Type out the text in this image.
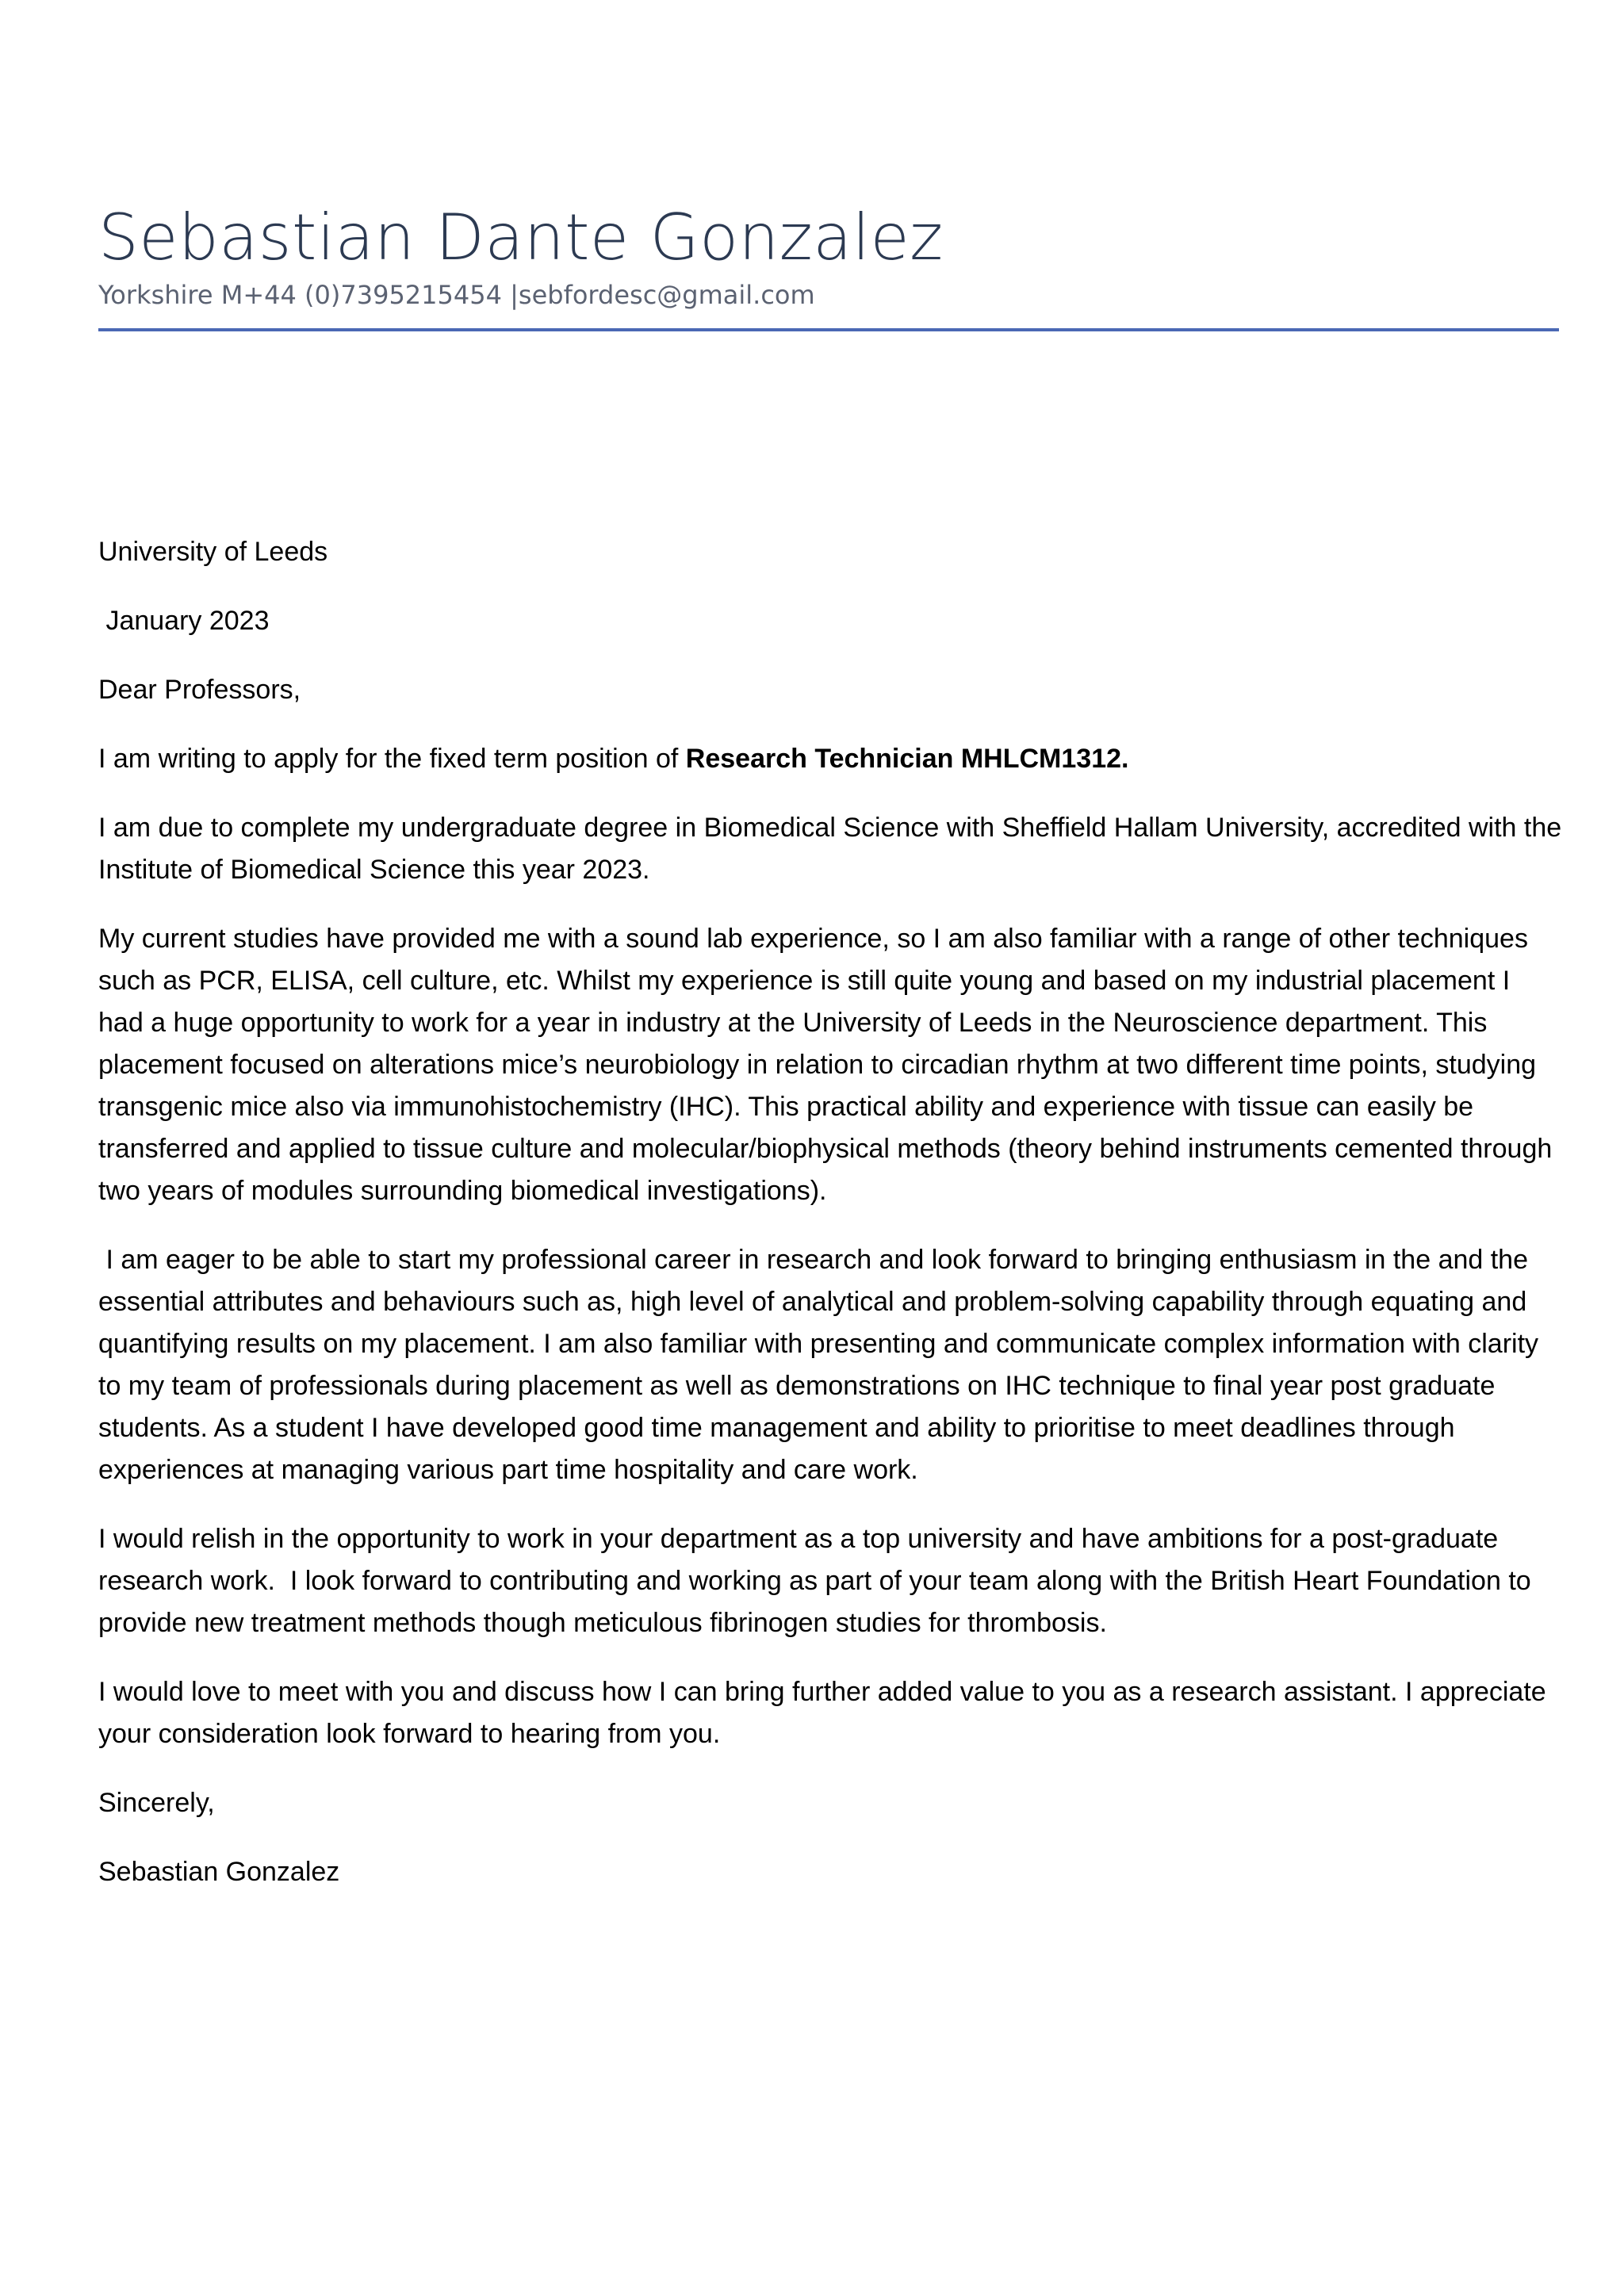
Sebastian Dante Gonzalez
Yorkshire M+44 (0)7395215454 |sebfordesc@gmail.com

University of Leeds

January 2023

Dear Professors,

I am writing to apply for the fixed term position of Research Technician MHLCM1312.

I am due to complete my undergraduate degree in Biomedical Science with Sheffield Hallam University, accredited with the Institute of Biomedical Science this year 2023.

My current studies have provided me with a sound lab experience, so I am also familiar with a range of other techniques such as PCR, ELISA, cell culture, etc. Whilst my experience is still quite young and based on my industrial placement I had a huge opportunity to work for a year in industry at the University of Leeds in the Neuroscience department. This placement focused on alterations mice’s neurobiology in relation to circadian rhythm at two different time points, studying transgenic mice also via immunohistochemistry (IHC). This practical ability and experience with tissue can easily be transferred and applied to tissue culture and molecular/biophysical methods (theory behind instruments cemented through two years of modules surrounding biomedical investigations).

I am eager to be able to start my professional career in research and look forward to bringing enthusiasm in the and the essential attributes and behaviours such as, high level of analytical and problem-solving capability through equating and quantifying results on my placement. I am also familiar with presenting and communicate complex information with clarity to my team of professionals during placement as well as demonstrations on IHC technique to final year post graduate students. As a student I have developed good time management and ability to prioritise to meet deadlines through experiences at managing various part time hospitality and care work.

I would relish in the opportunity to work in your department as a top university and have ambitions for a post-graduate research work.  I look forward to contributing and working as part of your team along with the British Heart Foundation to provide new treatment methods though meticulous fibrinogen studies for thrombosis.

I would love to meet with you and discuss how I can bring further added value to you as a research assistant. I appreciate your consideration look forward to hearing from you.

Sincerely,

Sebastian Gonzalez
